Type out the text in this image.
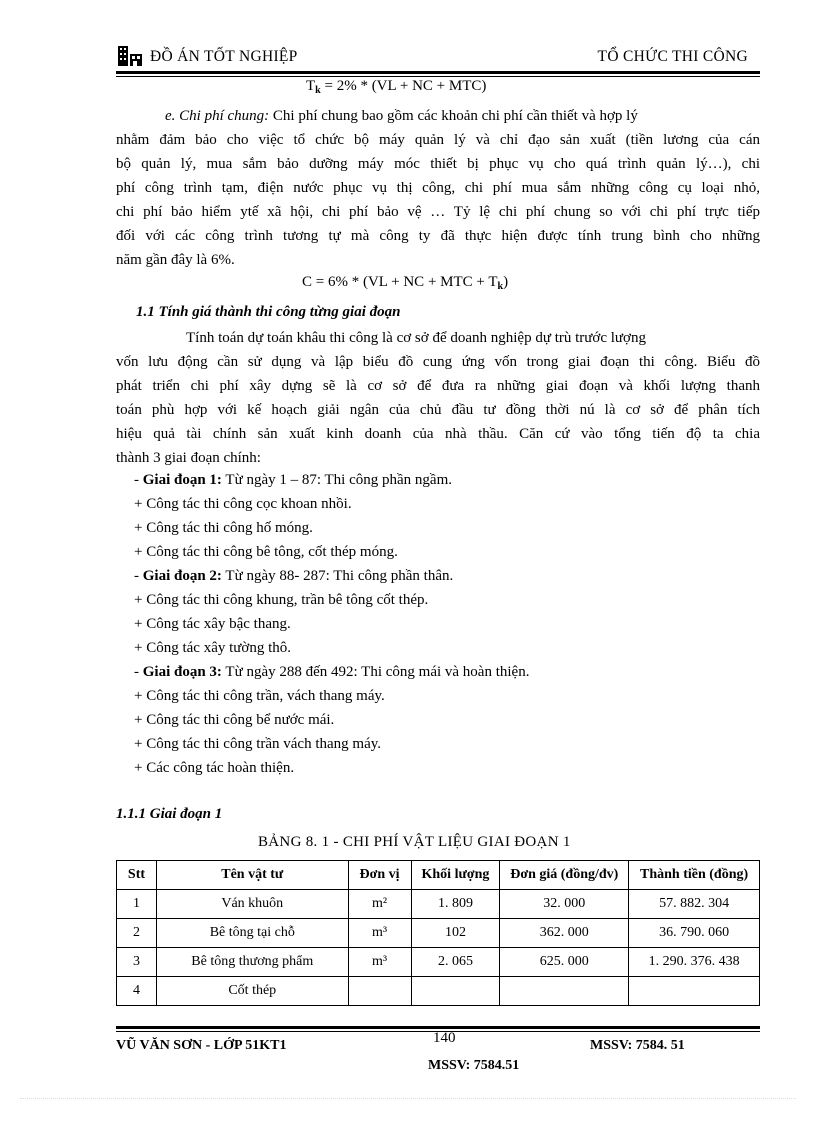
ĐỒ ÁN TỐT NGHIỆP	TỔ CHỨC THI CÔNG
$T_k = 2\% * (VL$ + NC + MTC)
e. Chi phí chung: Chi phí chung bao gồm các khoản chi phí cần thiết và hợp lý
nhằm đảm bảo cho việc tổ chức bộ máy quản lý và chỉ đạo sản xuất (tiền lương của cán
bộ quản lý, mua sắm bảo dưỡng máy móc thiết bị phục vụ cho quá trình quản lý…), chi
phí công trình tạm, điện nước phục vụ thị công, chi phí mua sắm những công cụ loại nhỏ,
chi phí bảo hiểm ytế xã hội, chi phí bảo vệ … Tỷ lệ chi phí chung so với chi phí trực tiếp
đối với các công trình tương tự mà công ty đã thực hiện được tính trung bình cho những
năm gần đây là 6%.
C = 6% * (VL + NC + MTC + $T_k$)
1.1 Tính giá thành thi công từng giai đoạn
Tính toán dự toán khâu thi công là cơ sở để doanh nghiệp dự trù trước lượng
vốn lưu động cần sử dụng và lập biểu đồ cung ứng vốn trong giai đoạn thi công. Biểu đồ
phát triển chi phí xây dựng sẽ là cơ sở để đưa ra những giai đoạn và khối lượng thanh
toán phù hợp với kế hoạch giải ngân của chủ đầu tư đồng thời nú là cơ sở để phân tích
hiệu quả tài chính sản xuất kinh doanh của nhà thầu. Căn cứ vào tổng tiến độ ta chia
thành 3 giai đoạn chính:
- Giai đoạn 1: Từ ngày 1 – 87: Thi công phần ngầm.
+ Công tác thi công cọc khoan nhồi.
+ Công tác thi công hố móng.
+ Công tác thi công bê tông, cốt thép móng.
- Giai đoạn 2: Từ ngày 88- 287: Thi công phần thân.
+ Công tác thi công khung, trần bê tông cốt thép.
+ Công tác xây bậc thang.
+ Công tác xây tường thô.
- Giai đoạn 3: Từ ngày 288 đến 492: Thi công mái và hoàn thiện.
+ Công tác thi công trần, vách thang máy.
+ Công tác thi công bể nước mái.
+ Công tác thi công trần vách thang máy.
+ Các công tác hoàn thiện.
1.1.1 Giai đoạn 1
BẢNG 8. 1 - CHI PHÍ VẬT LIỆU GIAI ĐOẠN 1
Stt	Tên vật tư	Đơn vị	Khối lượng	Đơn giá (đồng/đv)	Thành tiền (đồng)
1	Ván khuôn	m²	1. 809	32. 000	57. 882. 304
2	Bê tông tại chỗ	m³	102	362. 000	36. 790. 060
3	Bê tông thương phẩm	m³	2. 065	625. 000	1. 290. 376. 438
4	Cốt thép				
VŨ VĂN SƠN - LỚP 51KT1	140	MSSV: 7584. 51
MSSV: 7584.51
